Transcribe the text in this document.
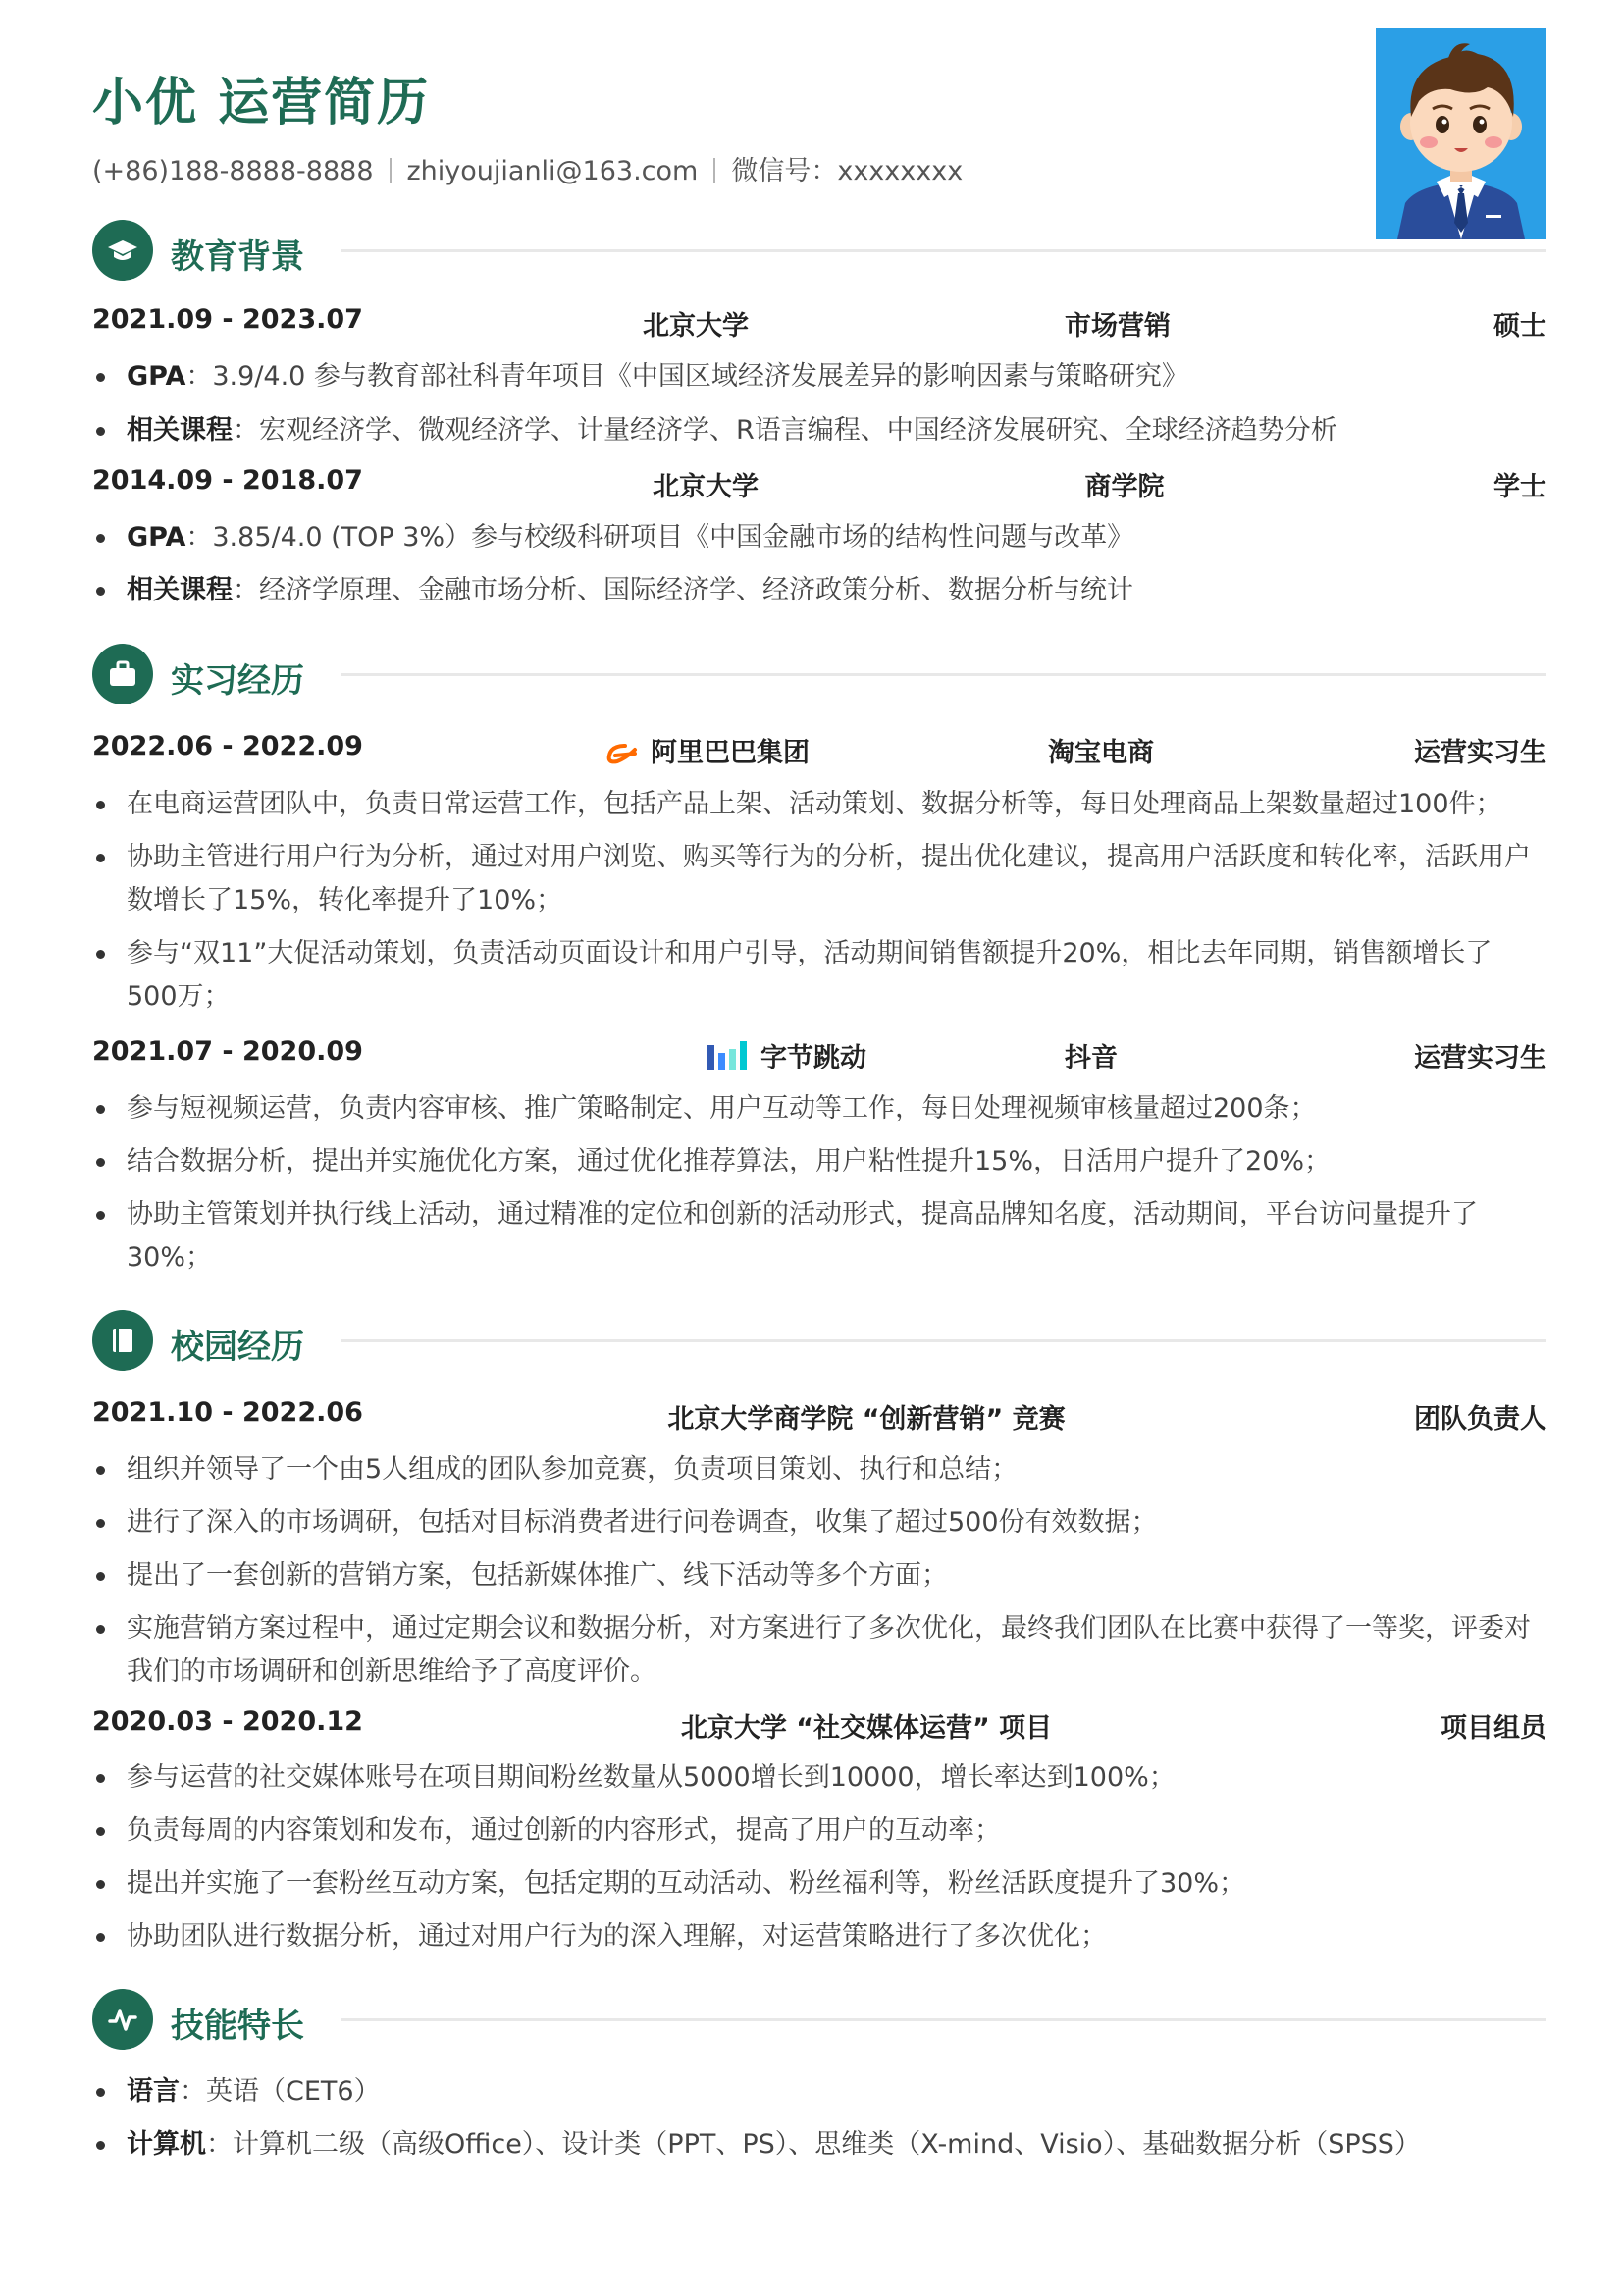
小优 运营简历
(+86)188-8888-8888 zhiyoujianli@163.com 微信号：xxxxxxxx
教育背景
2021.09 - 2023.07	北京大学	市场营销	硕士
GPA：3.9/4.0 参与教育部社科青年项目《中国区域经济发展差异的影响因素与策略研究》
相关课程：宏观经济学、微观经济学、计量经济学、R语言编程、中国经济发展研究、全球经济趋势分析
2014.09 - 2018.07	北京大学	商学院	学士
GPA：3.85/4.0 (TOP 3%）参与校级科研项目《中国金融市场的结构性问题与改革》
相关课程：经济学原理、金融市场分析、国际经济学、经济政策分析、数据分析与统计
实习经历
2022.06 - 2022.09	阿里巴巴集团	淘宝电商	运营实习生
在电商运营团队中，负责日常运营工作，包括产品上架、活动策划、数据分析等，每日处理商品上架数量超过100件；
协助主管进行用户行为分析，通过对用户浏览、购买等行为的分析，提出优化建议，提高用户活跃度和转化率，活跃用户数增长了15%，转化率提升了10%；
参与“双11”大促活动策划，负责活动页面设计和用户引导，活动期间销售额提升20%，相比去年同期，销售额增长了500万；
2021.07 - 2020.09	字节跳动	抖音	运营实习生
参与短视频运营，负责内容审核、推广策略制定、用户互动等工作，每日处理视频审核量超过200条；
结合数据分析，提出并实施优化方案，通过优化推荐算法，用户粘性提升15%，日活用户提升了20%；
协助主管策划并执行线上活动，通过精准的定位和创新的活动形式，提高品牌知名度，活动期间，平台访问量提升了30%；
校园经历
2021.10 - 2022.06	北京大学商学院 “创新营销” 竞赛	团队负责人
组织并领导了一个由5人组成的团队参加竞赛，负责项目策划、执行和总结；
进行了深入的市场调研，包括对目标消费者进行问卷调查，收集了超过500份有效数据；
提出了一套创新的营销方案，包括新媒体推广、线下活动等多个方面；
实施营销方案过程中，通过定期会议和数据分析，对方案进行了多次优化，最终我们团队在比赛中获得了一等奖，评委对我们的市场调研和创新思维给予了高度评价。
2020.03 - 2020.12	北京大学 “社交媒体运营” 项目	项目组员
参与运营的社交媒体账号在项目期间粉丝数量从5000增长到10000，增长率达到100%；
负责每周的内容策划和发布，通过创新的内容形式，提高了用户的互动率；
提出并实施了一套粉丝互动方案，包括定期的互动活动、粉丝福利等，粉丝活跃度提升了30%；
协助团队进行数据分析，通过对用户行为的深入理解，对运营策略进行了多次优化；
技能特长
语言：英语（CET6）
计算机：计算机二级（高级Office）、设计类（PPT、PS）、思维类（X-mind、Visio）、基础数据分析（SPSS）
